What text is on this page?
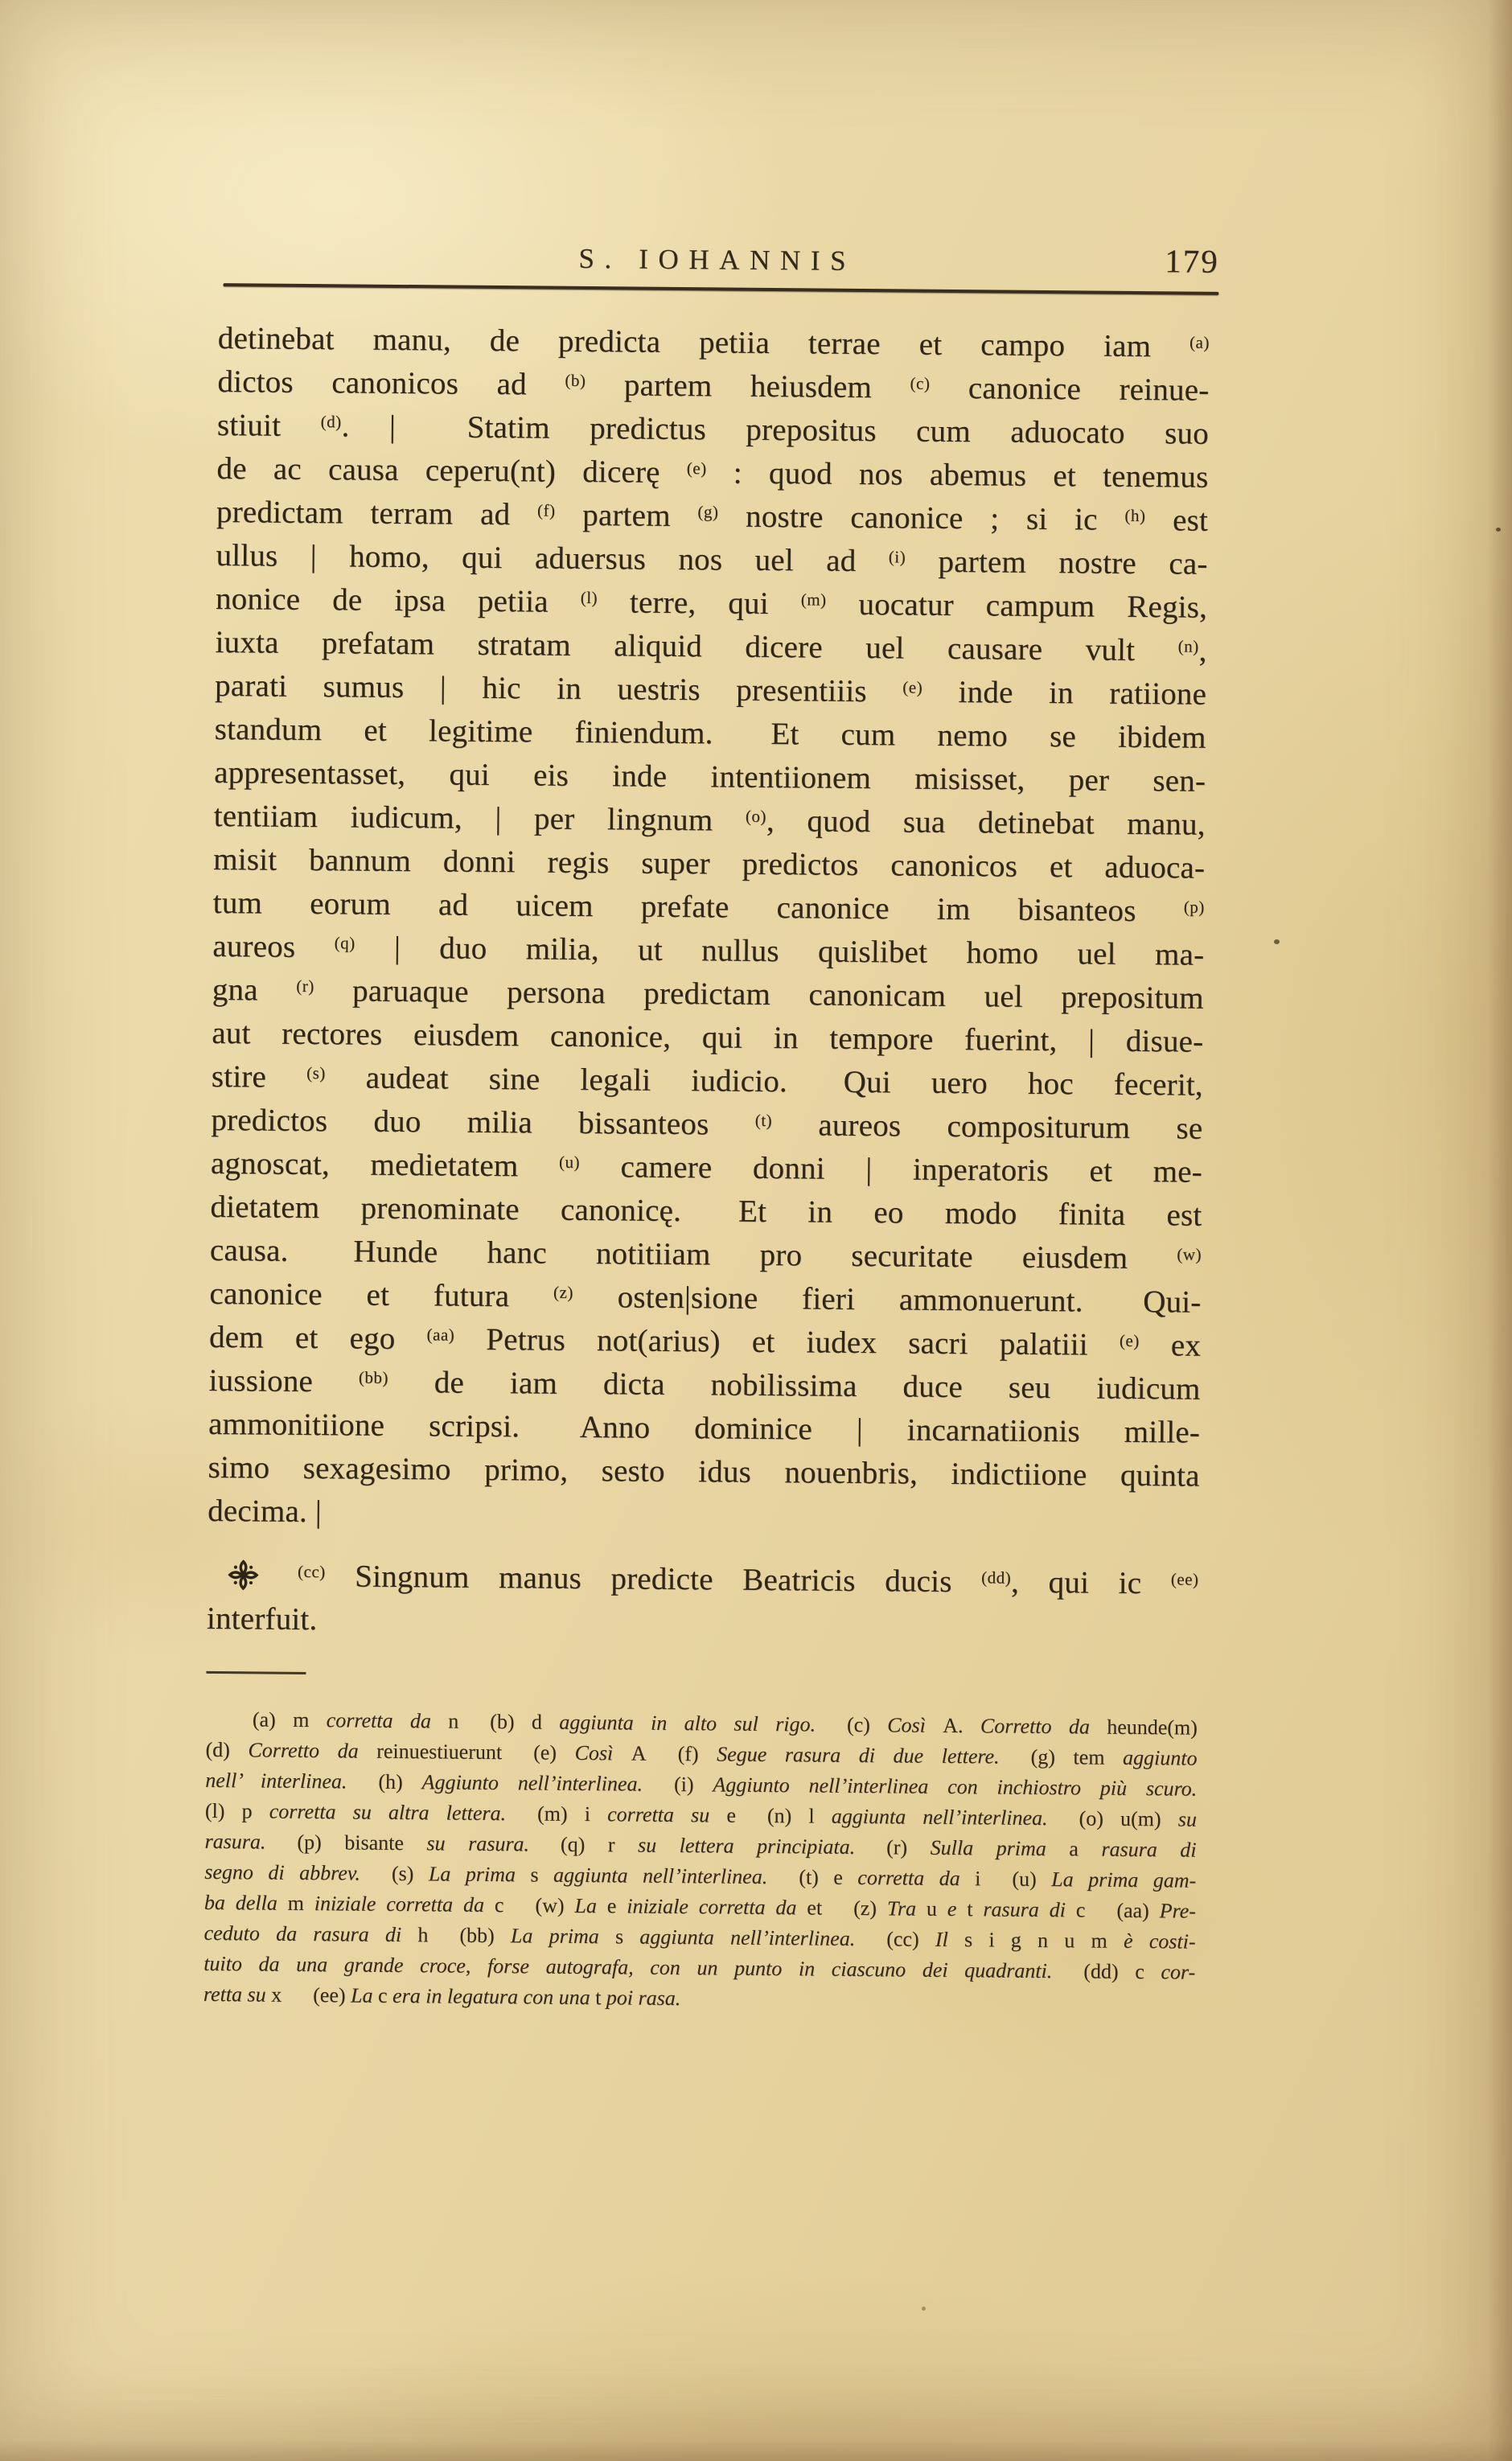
S. IOHANNIS	179
detinebat manu, de predicta petiia terrae et campo iam $^{(a)}$
dictos canonicos ad $^{(b)}$ partem heiusdem $^{(c)}$ canonice reinue-
stiuit $^{(d)}$. |  Statim predictus prepositus cum aduocato suo
de ac causa ceperu(nt) dicerę $^{(e)}$ : quod nos abemus et tenemus
predictam terram ad $^{(f)}$ partem $^{(g)}$ nostre canonice ; si ic $^{(h)}$ est
ullus | homo, qui aduersus nos uel ad $^{(i)}$ partem nostre ca-
nonice de ipsa petiia $^{(l)}$ terre, qui $^{(m)}$ uocatur campum Regis,
iuxta prefatam stratam aliquid dicere uel causare vult $^{(n)}$,
parati sumus | hic in uestris presentiiis $^{(e)}$ inde in ratiione
standum et legitime finiendum.  Et cum nemo se ibidem
appresentasset, qui eis inde intentiionem misisset, per sen-
tentiiam iudicum, | per lingnum $^{(o)}$, quod sua detinebat manu,
misit bannum donni regis super predictos canonicos et aduoca-
tum eorum ad uicem prefate canonice im bisanteos $^{(p)}$
aureos $^{(q)}$ | duo milia, ut nullus quislibet homo uel ma-
gna $^{(r)}$ paruaque persona predictam canonicam uel prepositum
aut rectores eiusdem canonice, qui in tempore fuerint, | disue-
stire $^{(s)}$ audeat sine legali iudicio.  Qui uero hoc fecerit,
predictos duo milia bissanteos $^{(t)}$ aureos compositurum se
agnoscat, medietatem $^{(u)}$ camere donni | inperatoris et me-
dietatem prenominate canonicę.  Et in eo modo finita est
causa.  Hunde hanc notitiiam pro securitate eiusdem $^{(w)}$
canonice et futura $^{(z)}$ osten|sione fieri ammonuerunt.  Qui-
dem et ego $^{(aa)}$ Petrus not(arius) et iudex sacri palatiii $^{(e)}$ ex
iussione $^{(bb)}$ de iam dicta nobilissima duce seu iudicum
ammonitiione scripsi.  Anno dominice | incarnatiionis mille-
simo sexagesimo primo, sesto idus nouenbris, indictiione quinta
decima. |
$^{(cc)}$ Singnum manus predicte Beatricis ducis $^{(dd)}$, qui ic $^{(ee)}$
interfuit.
(a) m corretta da n  (b) d aggiunta in alto sul rigo.  (c) Così A. Corretto da heunde(m)
(d) Corretto da reinuestiuerunt  (e) Così A  (f) Segue rasura di due lettere.  (g) tem aggiunto
nell’ interlinea.  (h) Aggiunto nell’interlinea.  (i) Aggiunto nell’interlinea con inchiostro più scuro.
(l) p corretta su altra lettera.  (m) i corretta su e  (n) l aggiunta nell’interlinea.  (o) u(m) su
rasura.  (p) bisante su rasura.  (q) r su lettera principiata.  (r) Sulla prima a rasura di
segno di abbrev.  (s) La prima s aggiunta nell’interlinea.  (t) e corretta da i  (u) La prima gam-
ba della m iniziale corretta da c  (w) La e iniziale corretta da et  (z) Tra u e t rasura di c  (aa) Pre-
ceduto da rasura di h  (bb) La prima s aggiunta nell’interlinea.  (cc) Il s i g n u m è costi-
tuito da una grande croce, forse autografa, con un punto in ciascuno dei quadranti.  (dd) c cor-
retta su x  (ee) La c era in legatura con una t poi rasa.
